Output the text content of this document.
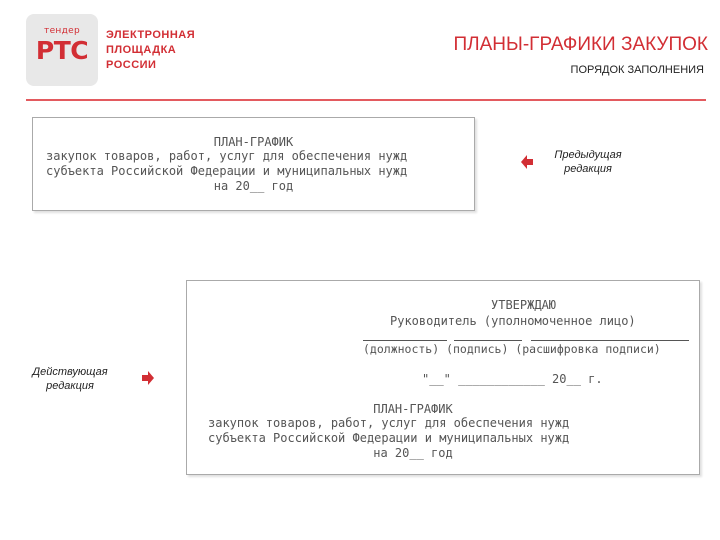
тендер
РТС
ЭЛЕКТРОННАЯ
ПЛОЩАДКА
РОССИИ
ПЛАНЫ-ГРАФИКИ ЗАКУПОК
ПОРЯДОК ЗАПОЛНЕНИЯ
ПЛАН-ГРАФИК
закупок товаров, работ, услуг для обеспечения нужд
субъекта Российской Федерации и муниципальных нужд
на 20__ год
Предыдущая
редакция
Действующая
редакция
УТВЕРЖДАЮ
Руководитель (уполномоченное лицо)
(должность) (подпись) (расшифровка подписи)
"__" ____________ 20__ г.
ПЛАН-ГРАФИК
закупок товаров, работ, услуг для обеспечения нужд
субъекта Российской Федерации и муниципальных нужд
на 20__ год
